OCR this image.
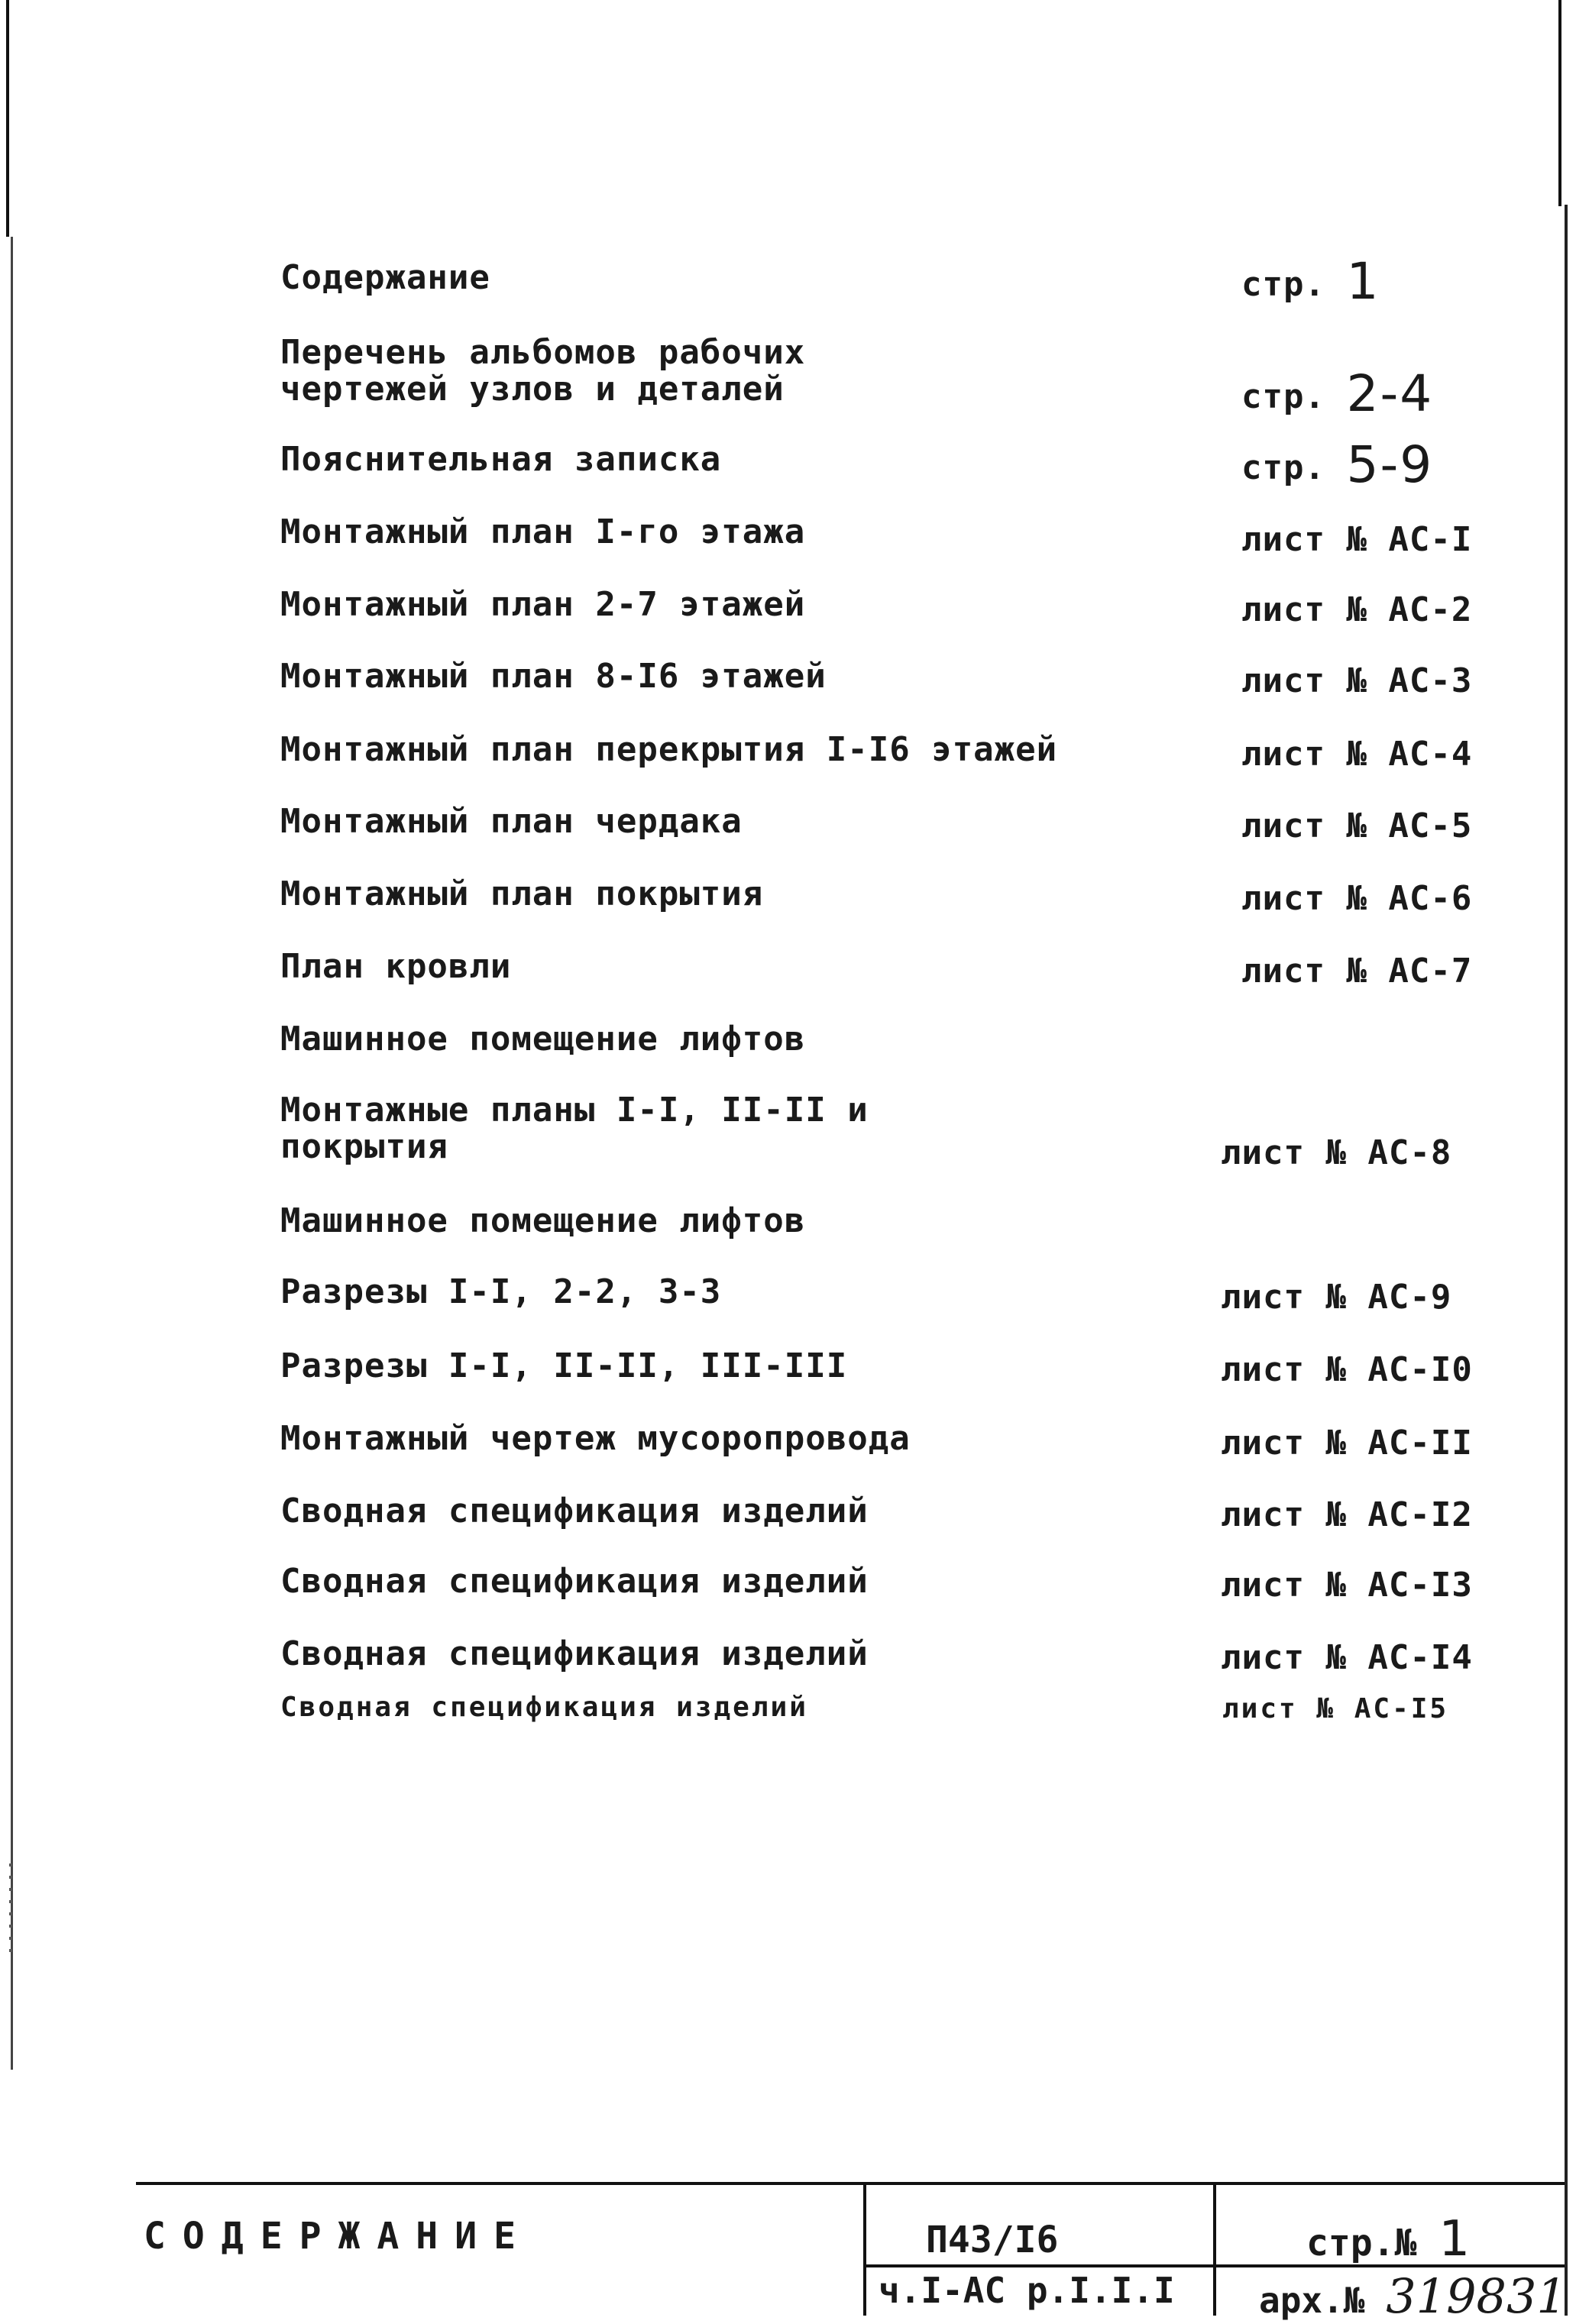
Содержание	стр. 1
Перечень альбомов рабочих
чертежей узлов и деталей	стр. 2-4
Пояснительная записка	стр. 5-9
Монтажный план I-го этажа	лист № АС-I
Монтажный план 2-7 этажей	лист № АС-2
Монтажный план 8-I6 этажей	лист № АС-3
Монтажный план перекрытия I-I6 этажей	лист № АС-4
Монтажный план чердака	лист № АС-5
Монтажный план покрытия	лист № АС-6
План кровли	лист № АС-7
Машинное помещение лифтов
Монтажные планы I-I, II-II и
покрытия	лист № АС-8
Машинное помещение лифтов
Разрезы I-I, 2-2, 3-3	лист № АС-9
Разрезы I-I, II-II, III-III	лист № АС-I0
Монтажный чертеж мусоропровода	лист № АС-II
Сводная спецификация изделий	лист № АС-I2
Сводная спецификация изделий	лист № АС-I3
Сводная спецификация изделий	лист № АС-I4
Сводная спецификация изделий	лист № АС-I5
СОДЕРЖАНИЕ	П43/I6
ч.I-АС р.I.I.I
стр.№ 1
арх.№ 319831
